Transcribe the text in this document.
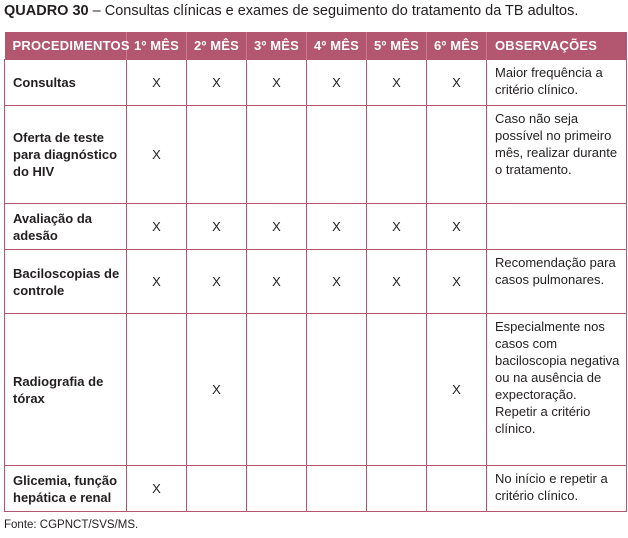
QUADRO 30 – Consultas clínicas e exames de seguimento do tratamento da TB adultos.
PROCEDIMENTOS	1º MÊS	2º MÊS	3º MÊS	4º MÊS	5º MÊS	6º MÊS	OBSERVAÇÕES
Consultas	X	X	X	X	X	X	Maior frequência a critério clínico.
Oferta de teste para diagnóstico do HIV	X						Caso não seja possível no primeiro mês, realizar durante o tratamento.
Avaliação da adesão	X	X	X	X	X	X	
Baciloscopias de controle	X	X	X	X	X	X	Recomendação para casos pulmonares.
Radiografia de tórax		X				X	Especialmente nos casos com baciloscopia negativa ou na ausência de expectoração. Repetir a critério clínico.
Glicemia, função hepática e renal	X						No início e repetir a critério clínico.
Fonte: CGPNCT/SVS/MS.
